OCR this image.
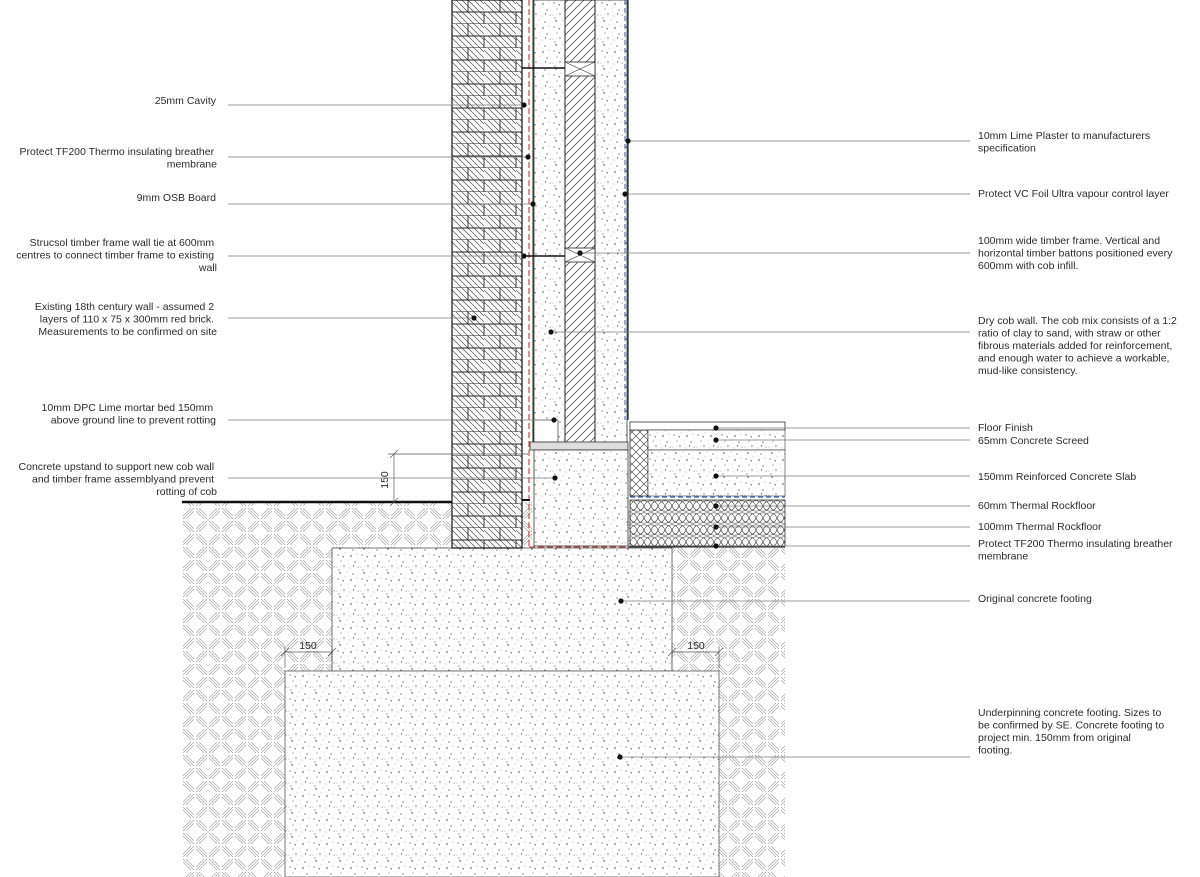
150
150	150
25mm Cavity
Protect TF200 Thermo insulating breather membrane
9mm OSB Board
Strucsol timber frame wall tie at 600mm centres to connect timber frame to existing wall
Existing 18th century wall - assumed 2 layers of 110 x 75 x 300mm red brick. Measurements to be confirmed on site
10mm DPC Lime mortar bed 150mm above ground line to prevent rotting
Concrete upstand to support new cob wall and timber frame assemblyand prevent rotting of cob
10mm Lime Plaster to manufacturers specification
Protect VC Foil Ultra vapour control layer
100mm wide timber frame. Vertical and horizontal timber battons positioned every 600mm with cob infill.
Dry cob wall. The cob mix consists of a 1:2 ratio of clay to sand, with straw or other fibrous materials added for reinforcement, and enough water to achieve a workable, mud-like consistency.
Floor Finish
65mm Concrete Screed
150mm Reinforced Concrete Slab
60mm Thermal Rockfloor
100mm Thermal Rockfloor
Protect TF200 Thermo insulating breather membrane
Original concrete footing
Underpinning concrete footing. Sizes to be confirmed by SE. Concrete footing to project min. 150mm from original footing.
